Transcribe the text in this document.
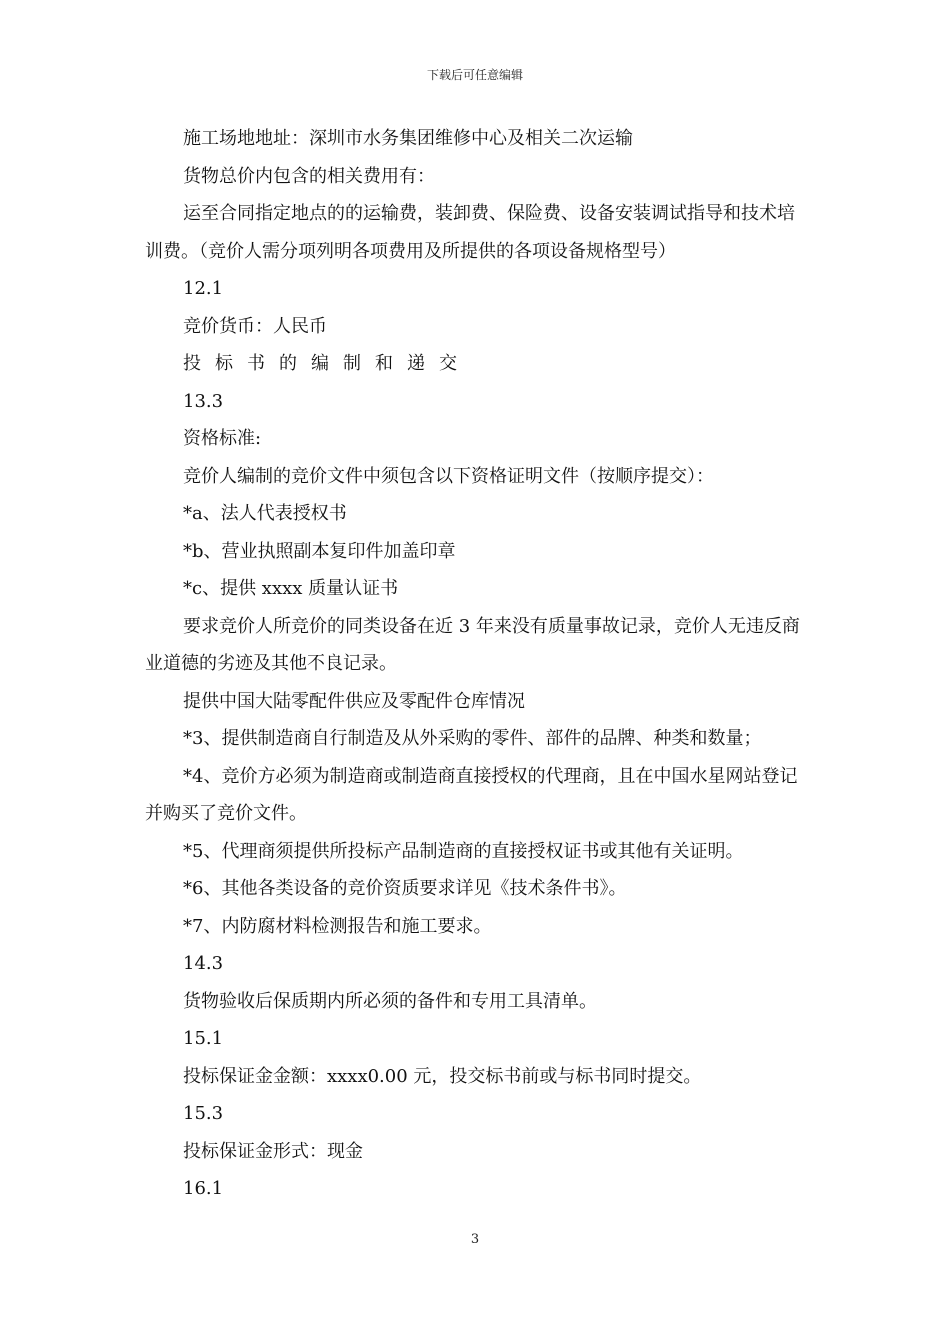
下载后可任意编辑

施工场地地址：深圳市水务集团维修中心及相关二次运输

货物总价内包含的相关费用有：

运至合同指定地点的的运输费，装卸费、保险费、设备安装调试指导和技术培训费。（竞价人需分项列明各项费用及所提供的各项设备规格型号）

12.1

竞价货币：人民币

投标书的编制和递交

13.3

资格标准:

竞价人编制的竞价文件中须包含以下资格证明文件（按顺序提交）：

*a、法人代表授权书

*b、营业执照副本复印件加盖印章

*c、提供 xxxx 质量认证书

要求竞价人所竞价的同类设备在近 3 年来没有质量事故记录，竞价人无违反商业道德的劣迹及其他不良记录。

提供中国大陆零配件供应及零配件仓库情况

*3、提供制造商自行制造及从外采购的零件、部件的品牌、种类和数量；

*4、竞价方必须为制造商或制造商直接授权的代理商，且在中国水星网站登记并购买了竞价文件。

*5、代理商须提供所投标产品制造商的直接授权证书或其他有关证明。

*6、其他各类设备的竞价资质要求详见《技术条件书》。

*7、内防腐材料检测报告和施工要求。

14.3

货物验收后保质期内所必须的备件和专用工具清单。

15.1

投标保证金金额：xxxx0.00 元，投交标书前或与标书同时提交。

15.3

投标保证金形式：现金

16.1

3
